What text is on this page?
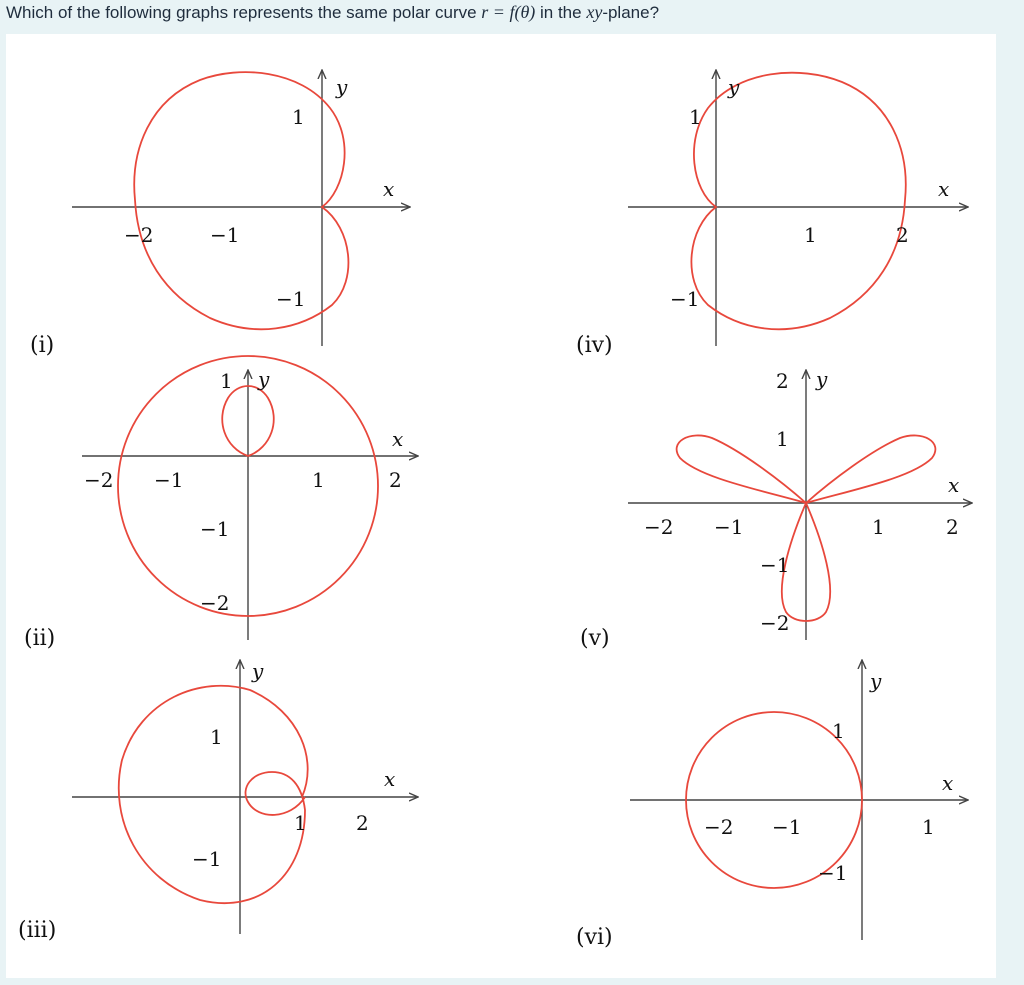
Which of the following graphs represents the same polar curve r = f(θ) in the xy-plane?
−2	−1
1
−1
x
y
(i)
1
2
1
−1
x
y
(iv)
−2 −1	1	2
1
−1
−2
x
y
(ii)
−2 −1	1	2
2
1
−1
−2
x
y
(v)
1
2
1
−1
x
y
(iii)
−2 −1	1
1
−1
x
y
(vi)
